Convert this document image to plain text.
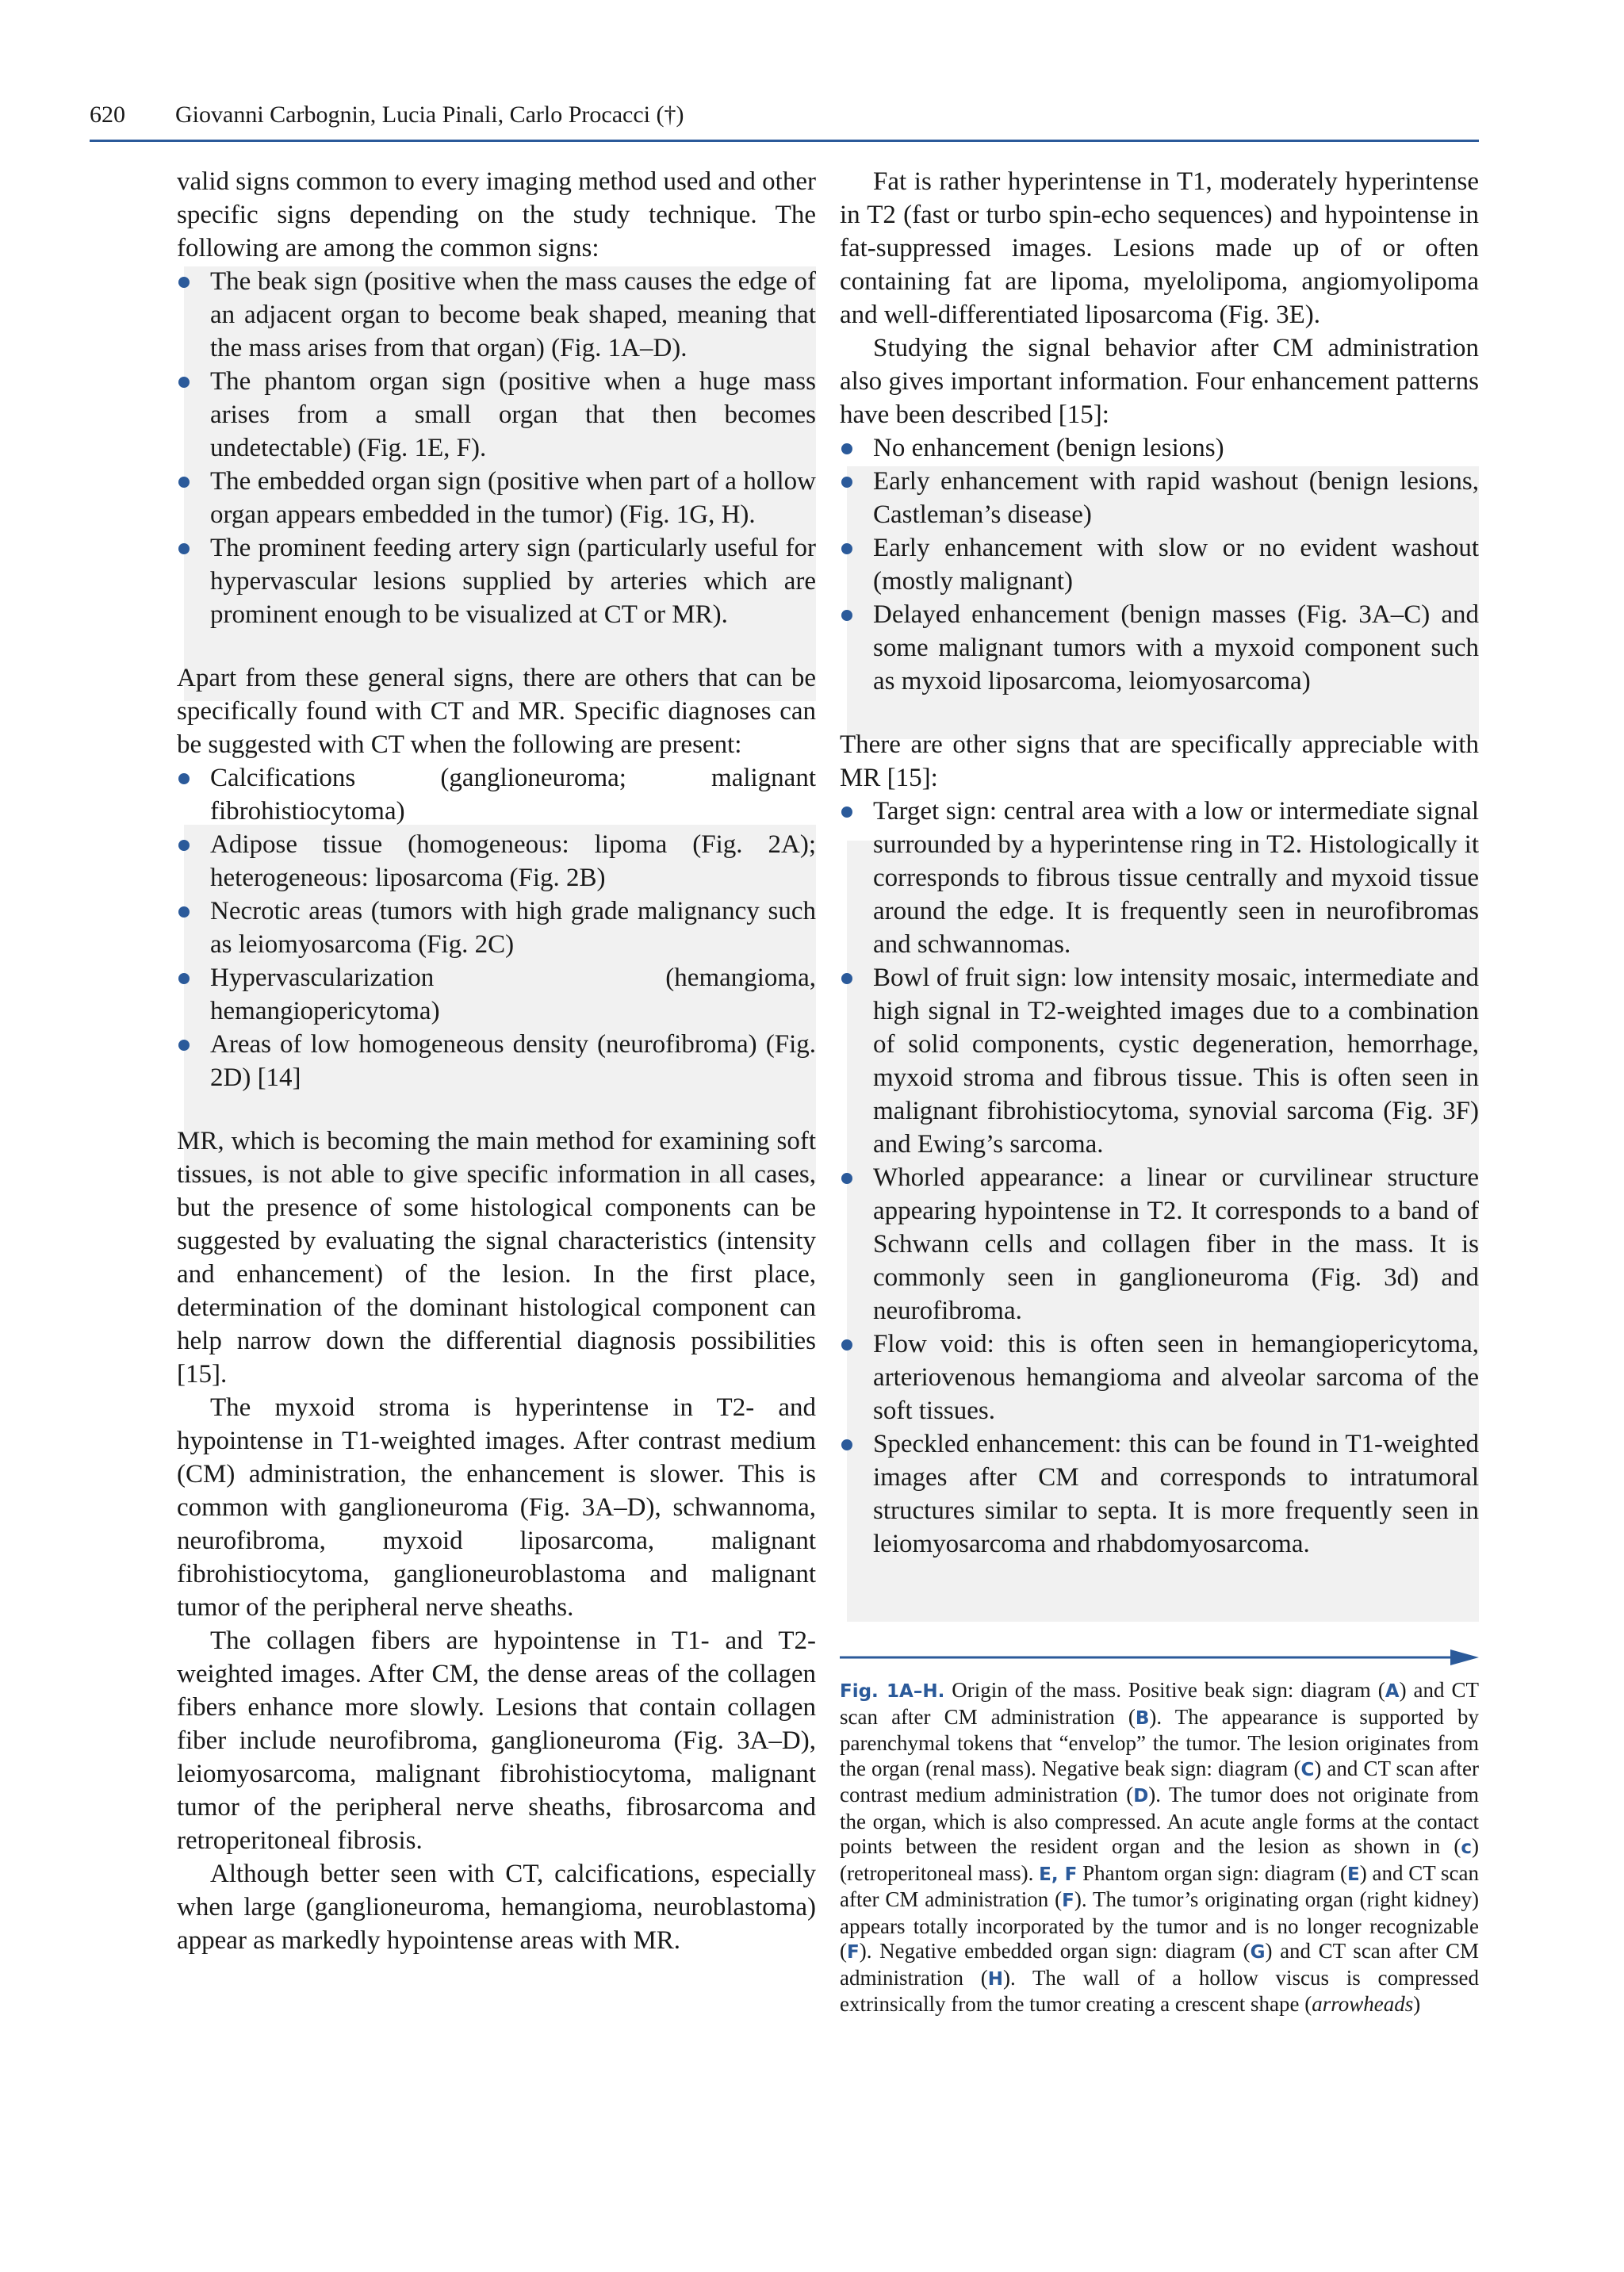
620 Giovanni Carbognin, Lucia Pinali, Carlo Procacci (†)

valid signs common to every imaging method used and other specific signs depending on the study technique. The following are among the common signs:

The beak sign (positive when the mass causes the edge of an adjacent organ to become beak shaped, meaning that the mass arises from that organ) (Fig. 1A–D).
The phantom organ sign (positive when a huge mass arises from a small organ that then becomes undetectable) (Fig. 1E, F).
The embedded organ sign (positive when part of a hollow organ appears embedded in the tumor) (Fig. 1G, H).
The prominent feeding artery sign (particularly useful for hypervascular lesions supplied by arteries which are prominent enough to be visualized at CT or MR).

Apart from these general signs, there are others that can be specifically found with CT and MR. Specific diagnoses can be suggested with CT when the following are present:

Calcifications (ganglioneuroma; malignant fibrohistiocytoma)
Adipose tissue (homogeneous: lipoma (Fig. 2A); heterogeneous: liposarcoma (Fig. 2B)
Necrotic areas (tumors with high grade malignancy such as leiomyosarcoma (Fig. 2C)
Hypervascularization (hemangioma, hemangiopericytoma)
Areas of low homogeneous density (neurofibroma) (Fig. 2D) [14]

MR, which is becoming the main method for examining soft tissues, is not able to give specific information in all cases, but the presence of some histological components can be suggested by evaluating the signal characteristics (intensity and enhancement) of the lesion. In the first place, determination of the dominant histological component can help narrow down the differential diagnosis possibilities [15].

The myxoid stroma is hyperintense in T2- and hypointense in T1-weighted images. After contrast medium (CM) administration, the enhancement is slower. This is common with ganglioneuroma (Fig. 3A–D), schwannoma, neurofibroma, myxoid liposarcoma, malignant fibrohistiocytoma, ganglioneuroblastoma and malignant tumor of the peripheral nerve sheaths.

The collagen fibers are hypointense in T1- and T2-weighted images. After CM, the dense areas of the collagen fibers enhance more slowly. Lesions that contain collagen fiber include neurofibroma, ganglioneuroma (Fig. 3A–D), leiomyosarcoma, malignant fibrohistiocytoma, malignant tumor of the peripheral nerve sheaths, fibrosarcoma and retroperitoneal fibrosis.

Although better seen with CT, calcifications, especially when large (ganglioneuroma, hemangioma, neuroblastoma) appear as markedly hypointense areas with MR.

Fat is rather hyperintense in T1, moderately hyperintense in T2 (fast or turbo spin-echo sequences) and hypointense in fat-suppressed images. Lesions made up of or often containing fat are lipoma, myelolipoma, angiomyolipoma and well-differentiated liposarcoma (Fig. 3E).

Studying the signal behavior after CM administration also gives important information. Four enhancement patterns have been described [15]:

No enhancement (benign lesions)
Early enhancement with rapid washout (benign lesions, Castleman’s disease)
Early enhancement with slow or no evident washout (mostly malignant)
Delayed enhancement (benign masses (Fig. 3A–C) and some malignant tumors with a myxoid component such as myxoid liposarcoma, leiomyosarcoma)

There are other signs that are specifically appreciable with MR [15]:

Target sign: central area with a low or intermediate signal surrounded by a hyperintense ring in T2. Histologically it corresponds to fibrous tissue centrally and myxoid tissue around the edge. It is frequently seen in neurofibromas and schwannomas.
Bowl of fruit sign: low intensity mosaic, intermediate and high signal in T2-weighted images due to a combination of solid components, cystic degeneration, hemorrhage, myxoid stroma and fibrous tissue. This is often seen in malignant fibrohistiocytoma, synovial sarcoma (Fig. 3F) and Ewing’s sarcoma.
Whorled appearance: a linear or curvilinear structure appearing hypointense in T2. It corresponds to a band of Schwann cells and collagen fiber in the mass. It is commonly seen in ganglioneuroma (Fig. 3d) and neurofibroma.
Flow void: this is often seen in hemangiopericytoma, arteriovenous hemangioma and alveolar sarcoma of the soft tissues.
Speckled enhancement: this can be found in T1-weighted images after CM and corresponds to intratumoral structures similar to septa. It is more frequently seen in leiomyosarcoma and rhabdomyosarcoma.
Fig. 1A–H. Origin of the mass. Positive beak sign: diagram (A) and CT scan after CM administration (B). The appearance is supported by parenchymal tokens that “envelop” the tumor. The lesion originates from the organ (renal mass). Negative beak sign: diagram (C) and CT scan after contrast medium administration (D). The tumor does not originate from the organ, which is also compressed. An acute angle forms at the contact points between the resident organ and the lesion as shown in (c) (retroperitoneal mass). E, F Phantom organ sign: diagram (E) and CT scan after CM administration (F). The tumor’s originating organ (right kidney) appears totally incorporated by the tumor and is no longer recognizable (F). Negative embedded organ sign: diagram (G) and CT scan after CM administration (H). The wall of a hollow viscus is compressed extrinsically from the tumor creating a crescent shape (arrowheads)
